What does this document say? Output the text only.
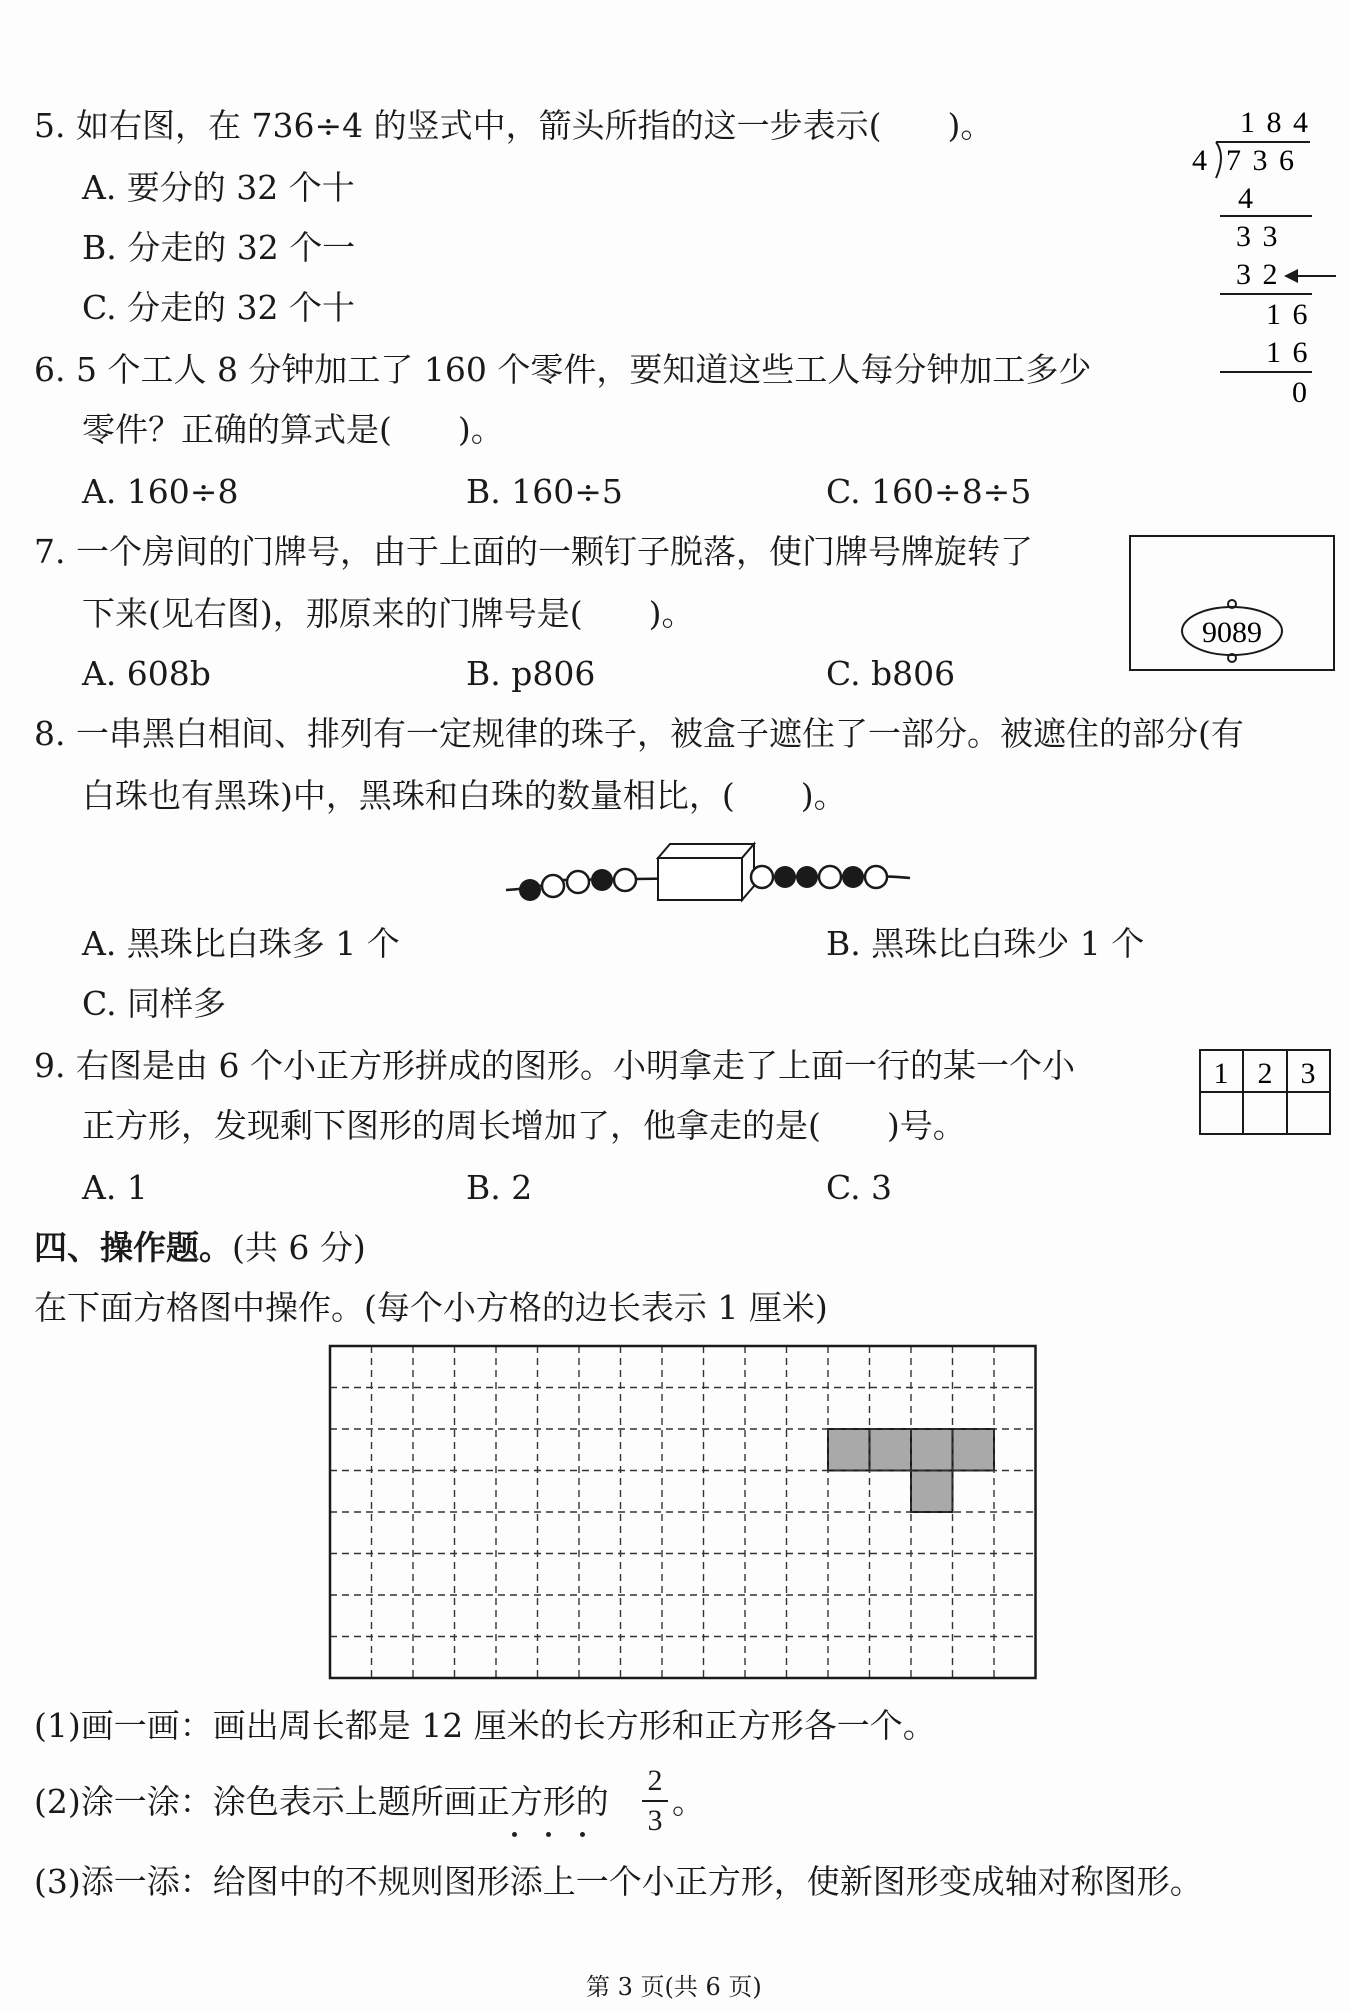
5. 如右图，在 736÷4 的竖式中，箭头所指的这一步表示(　　)。
A. 要分的 32 个十
B. 分走的 32 个一
C. 分走的 32 个十
1 8 4
4 7 3 6
4
3 3
3 2
1 6
1 6
0
6. 5 个工人 8 分钟加工了 160 个零件，要知道这些工人每分钟加工多少
零件？正确的算式是(　　)。
A. 160÷8	B. 160÷5	C. 160÷8÷5
7. 一个房间的门牌号，由于上面的一颗钉子脱落，使门牌号牌旋转了
下来(见右图)，那原来的门牌号是(　　)。
A. 608b	B. p806	C. b806
9089
8. 一串黑白相间、排列有一定规律的珠子，被盒子遮住了一部分。被遮住的部分(有
白珠也有黑珠)中，黑珠和白珠的数量相比，(　　)。
A. 黑珠比白珠多 1 个	B. 黑珠比白珠少 1 个
C. 同样多
9. 右图是由 6 个小正方形拼成的图形。小明拿走了上面一行的某一个小
正方形，发现剩下图形的周长增加了，他拿走的是(　　)号。
A. 1	B. 2	C. 3
1 2 3
四、操作题。(共 6 分)
在下面方格图中操作。(每个小方格的边长表示 1 厘米)
(1)画一画：画出周长都是 12 厘米的长方形和正方形各一个。
(2)涂一涂：涂色表示上题所画正方形的
2
3 。
(3)添一添：给图中的不规则图形添上一个小正方形，使新图形变成轴对称图形。
第 3 页(共 6 页)
